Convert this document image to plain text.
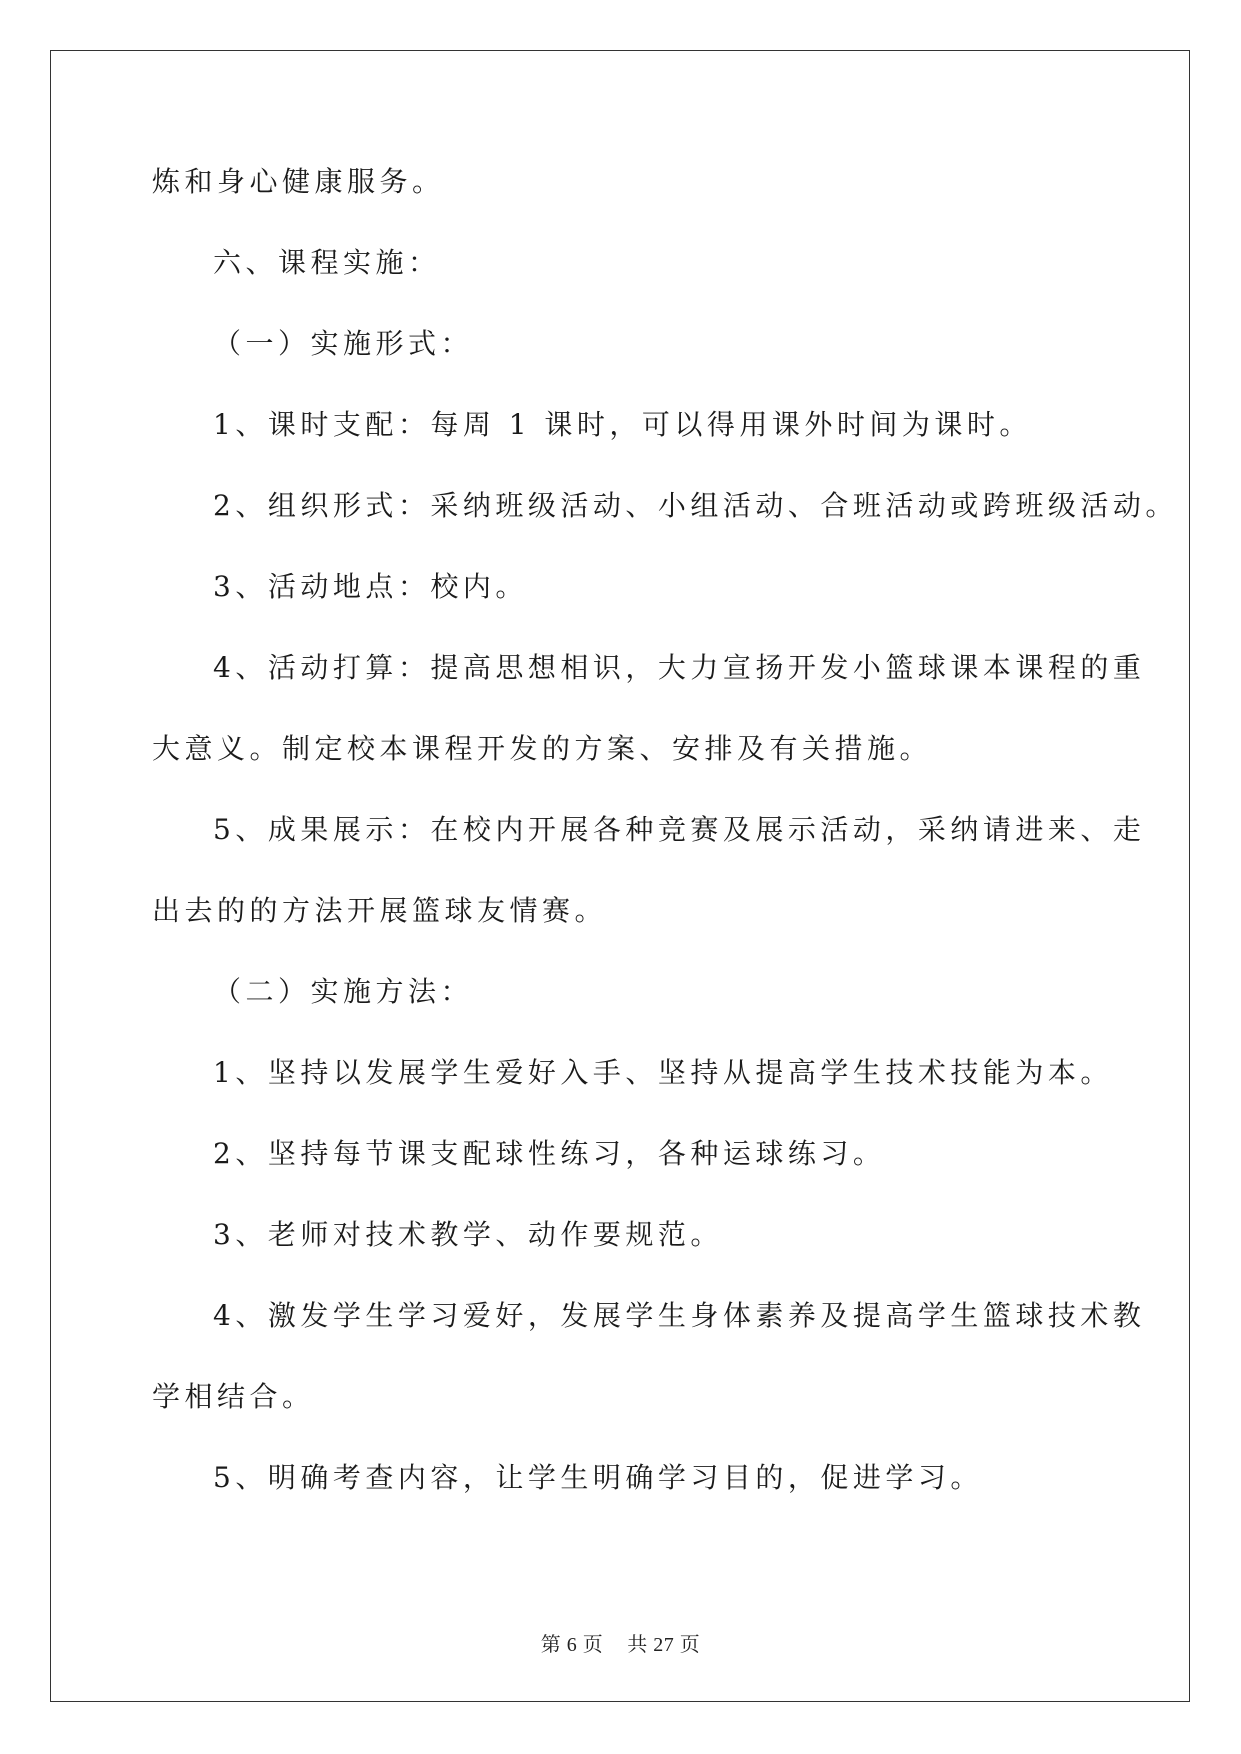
炼和身心健康服务。
六、课程实施：
（一）实施形式：
1、课时支配：每周 1 课时，可以得用课外时间为课时。
2、组织形式：采纳班级活动、小组活动、合班活动或跨班级活动。
3、活动地点：校内。
4、活动打算：提高思想相识，大力宣扬开发小篮球课本课程的重
大意义。制定校本课程开发的方案、安排及有关措施。
5、成果展示：在校内开展各种竞赛及展示活动，采纳请进来、走
出去的的方法开展篮球友情赛。
（二）实施方法：
1、坚持以发展学生爱好入手、坚持从提高学生技术技能为本。
2、坚持每节课支配球性练习，各种运球练习。
3、老师对技术教学、动作要规范。
4、激发学生学习爱好，发展学生身体素养及提高学生篮球技术教
学相结合。
5、明确考查内容，让学生明确学习目的，促进学习。
第 6 页 共 27 页
